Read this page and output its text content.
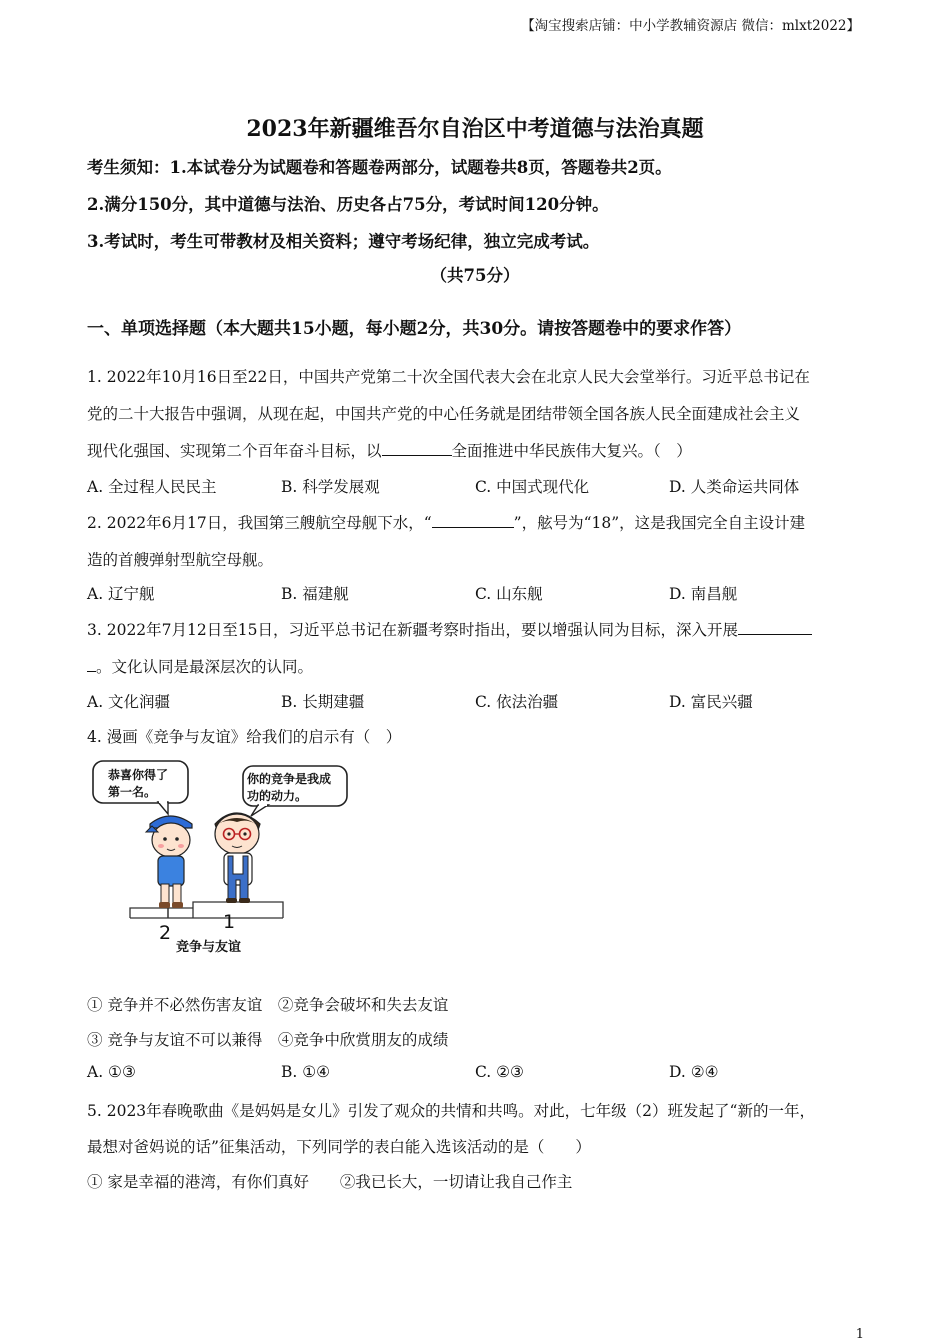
【淘宝搜索店铺：中小学教辅资源店 微信：mlxt2022】
2023年新疆维吾尔自治区中考道德与法治真题
考生须知：1.本试卷分为试题卷和答题卷两部分，试题卷共8页，答题卷共2页。
2.满分150分，其中道德与法治、历史各占75分，考试时间120分钟。
3.考试时，考生可带教材及相关资料；遵守考场纪律，独立完成考试。
（共75分）
一、单项选择题（本大题共15小题，每小题2分，共30分。请按答题卷中的要求作答）
1. 2022年10月16日至22日，中国共产党第二十次全国代表大会在北京人民大会堂举行。习近平总书记在
党的二十大报告中强调，从现在起，中国共产党的中心任务就是团结带领全国各族人民全面建成社会主义
现代化强国、实现第二个百年奋斗目标，以	全面推进中华民族伟大复兴。（　）
A. 全过程人民民主	B. 科学发展观	C. 中国式现代化	D. 人类命运共同体
2. 2022年6月17日，我国第三艘航空母舰下水，“	”，舷号为“18”，这是我国完全自主设计建
造的首艘弹射型航空母舰。
A. 辽宁舰	B. 福建舰	C. 山东舰	D. 南昌舰
3. 2022年7月12日至15日，习近平总书记在新疆考察时指出，要以增强认同为目标，深入开展
。文化认同是最深层次的认同。
A. 文化润疆	B. 长期建疆	C. 依法治疆	D. 富民兴疆
4. 漫画《竞争与友谊》给我们的启示有（　）
恭喜你得了
第一名。
你的竞争是我成
功的动力。
2	1
竞争与友谊
① 竞争并不必然伤害友谊　②竞争会破坏和失去友谊
③ 竞争与友谊不可以兼得　④竞争中欣赏朋友的成绩
A. ①③	B. ①④	C. ②③	D. ②④
5. 2023年春晚歌曲《是妈妈是女儿》引发了观众的共情和共鸣。对此，七年级（2）班发起了“新的一年，
最想对爸妈说的话”征集活动，下列同学的表白能入选该活动的是（　　）
① 家是幸福的港湾，有你们真好　　②我已长大，一切请让我自己作主
1
